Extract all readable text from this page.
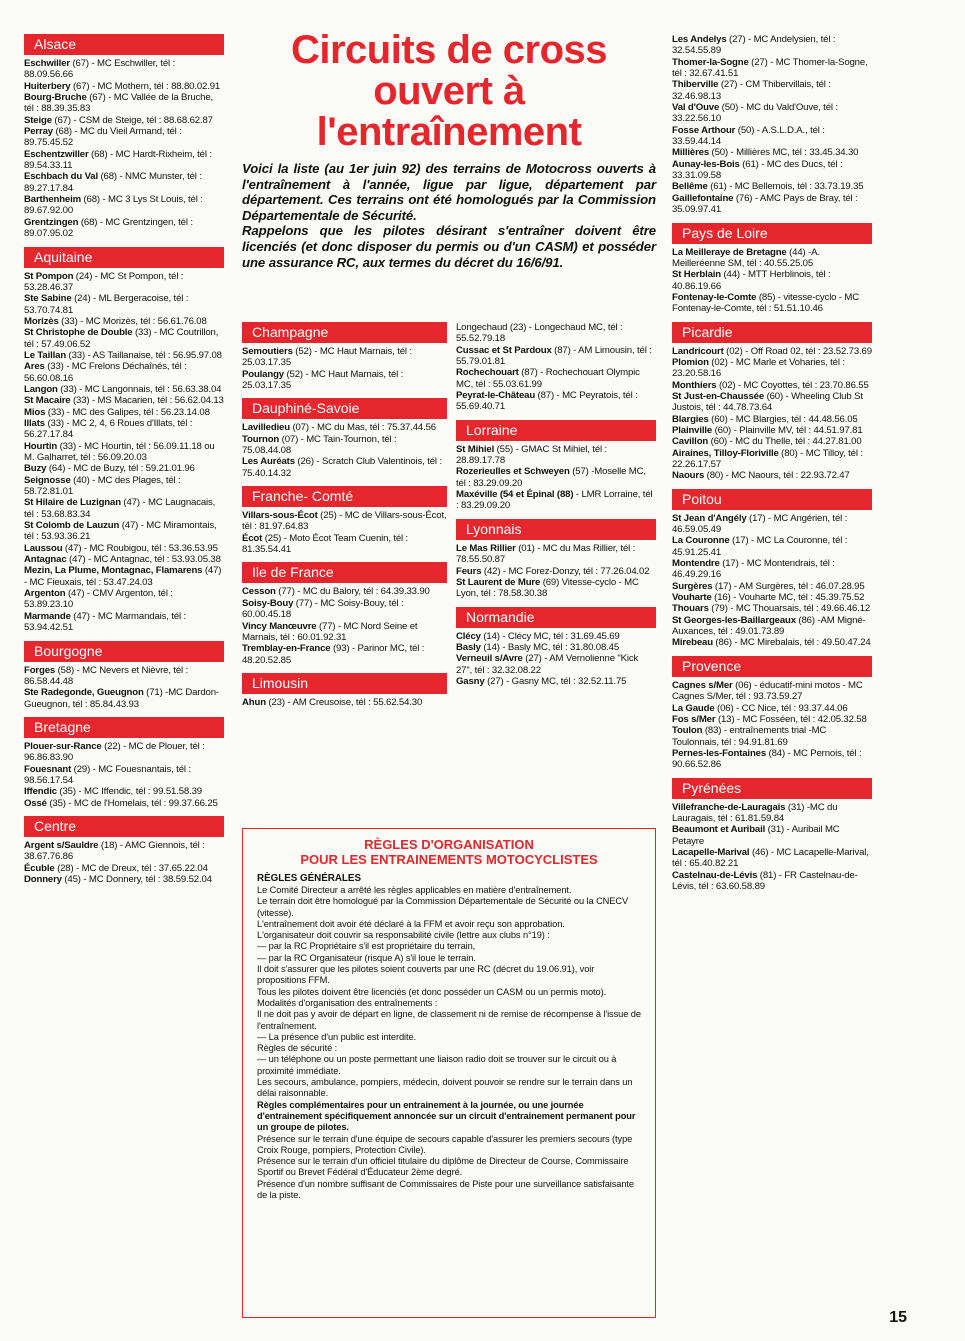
Alsace
Eschwiller (67) - MC Eschwiller, tél : 88.09.56.66
Huiterbery (67) - MC Mothern, tél : 88.80.02.91
Bourg-Bruche (67) - MC Vallée de la Bruche, tél : 88.39.35.83
Steige (67) - CSM de Steige, tél : 88.68.62.87
Perray (68) - MC du Vieil Armand, tél : 89.75.45.52
Eschentzwiller (68) - MC Hardt-Rixheim, tél : 89.54.33.11
Eschbach du Val (68) - NMC Munster, tél : 89.27.17.84
Barthenheim (68) - MC 3 Lys St Louis, tél : 89.67.92.00
Grentzingen (68) - MC Grentzingen, tél : 89.07.95.02
Aquitaine
St Pompon (24) - MC St Pompon, tél : 53.28.46.37
Ste Sabine (24) - ML Bergeracoise, tél : 53.70.74.81
Morizès (33) - MC Morizès, tél : 56.61.76.08
St Christophe de Double (33) - MC Coutrillon, tél : 57.49.06.52
Le Taillan (33) - AS Taillanaise, tél : 56.95.97.08
Ares (33) - MC Frelons Déchaînés, tél : 56.60.08.16
Langon (33) - MC Langonnais, tél : 56.63.38.04
St Macaire (33) - MS Macarien, tél : 56.62.04.13
Mios (33) - MC des Galipes, tél : 56.23.14.08
Illats (33) - MC 2, 4, 6 Roues d'Illats, tél : 56.27.17.84
Hourtin (33) - MC Hourtin, tél : 56.09.11.18 ou M. Galharret, tél : 56.09.20.03
Buzy (64) - MC de Buzy, tél : 59.21.01.96
Seignosse (40) - MC des Plages, tél : 58.72.81.01
St Hilaire de Luzignan (47) - MC Laugnacais, tél : 53.68.83.34
St Colomb de Lauzun (47) - MC Miramontais, tél : 53.93.36.21
Laussou (47) - MC Roubigou, tél : 53.36.53.95
Antagnac (47) - MC Antagnac, tél : 53.93.05.38
Mezin, La Plume, Montagnac, Flamarens (47) - MC Fieuxais, tél : 53.47.24.03
Argenton (47) - CMV Argenton, tél : 53.89.23.10
Marmande (47) - MC Marmandais, tél : 53.94.42.51
Bourgogne
Forges (58) - MC Nevers et Nièvre, tél : 86.58.44.48
Ste Radegonde, Gueugnon (71) -MC Dardon-Gueugnon, tél : 85.84.43.93
Bretagne
Plouer-sur-Rance (22) - MC de Plouer, tél : 96.86.83.90
Fouesnant (29) - MC Fouesnantais, tél : 98.56.17.54
Iffendic (35) - MC Iffendic, tél : 99.51.58.39
Ossé (35) - MC de l'Homelais, tél : 99.37.66.25
Centre
Argent s/Sauldre (18) - AMC Giennois, tél : 38.67.76.86
Écuble (28) - MC de Dreux, tél : 37.65.22.04
Donnery (45) - MC Donnery, tél : 38.59.52.04
Circuits de cross
ouvert à
l'entraînement

Voici la liste (au 1er juin 92) des terrains de Motocross ouverts à l'entraînement à l'année, ligue par ligue, département par département. Ces terrains ont été homologués par la Commission Départementale de Sécurité.

Rappelons que les pilotes désirant s'entraîner doivent être licenciés (et donc disposer du permis ou d'un CASM) et posséder une assurance RC, aux termes du décret du 16/6/91.

Champagne
Semoutiers (52) - MC Haut Marnais, tél : 25.03.17.35
Poulangy (52) - MC Haut Marnais, tél : 25.03.17.35
Dauphiné-Savoie
Lavilledieu (07) - MC du Mas, tél : 75.37.44.56
Tournon (07) - MC Tain-Tournon, tél : 75.08.44.08
Les Auréats (26) - Scratch Club Valentinois, tél : 75.40.14.32
Franche- Comté
Villars-sous-Écot (25) - MC de Villars-sous-Écot, tél : 81.97.64.83
Écot (25) - Moto Écot Team Cuenin, tél : 81.35.54.41
Ile de France
Cesson (77) - MC du Balory, tél : 64.39.33.90
Soisy-Bouy (77) - MC Soisy-Bouy, tél : 60.00.45.18
Vincy Manœuvre (77) - MC Nord Seine et Marnais, tél : 60.01.92.31
Tremblay-en-France (93) - Parinor MC, tél : 48.20.52.85
Limousin
Ahun (23) - AM Creusoise, tél : 55.62.54.30
Longechaud (23) - Longechaud MC, tél : 55.52.79.18
Cussac et St Pardoux (87) - AM Limousin, tél : 55.79.01.81
Rochechouart (87) - Rochechouart Olympic MC, tél : 55.03.61.99
Peyrat-le-Château (87) - MC Peyratois, tél : 55.69.40.71
Lorraine
St Mihiel (55) - GMAC St Mihiel, tél : 28.89.17.78
Rozerieulles et Schweyen (57) -Moselle MC, tél : 83.29.09.20
Maxéville (54 et Épinal (88) - LMR Lorraine, tél : 83.29.09.20
Lyonnais
Le Mas Rillier (01) - MC du Mas Rillier, tél : 78.55.50.87
Feurs (42) - MC Forez-Donzy, tél : 77.26.04.02
St Laurent de Mure (69) Vitesse-cyclo - MC Lyon, tél : 78.58.30.38
Normandie
Clécy (14) - Clécy MC, tél : 31.69.45.69
Basly (14) - Basly MC, tél : 31.80.08.45
Verneuil s/Avre (27) - AM Vernolienne "Kick 27", tél : 32.32.08.22
Gasny (27) - Gasny MC, tél : 32.52.11.75
Les Andelys (27) - MC Andelysien, tél : 32.54.55.89
Thomer-la-Sogne (27) - MC Thomer-la-Sogne, tél : 32.67.41.51
Thiberville (27) - CM Thibervillais, tél : 32.46.98.13
Val d'Ouve (50) - MC du Vald'Ouve, tél : 33.22.56.10
Fosse Arthour (50) - A.S.L.D.A., tél : 33.59.44.14
Millières (50) - Millières MC, tél : 33.45.34.30
Aunay-les-Bois (61) - MC des Ducs, tél : 33.31.09.58
Bellême (61) - MC Bellemois, tél : 33.73.19.35
Gaillefontaine (76) - AMC Pays de Bray, tél : 35.09.97.41
Pays de Loire
La Meilleraye de Bretagne (44) -A. Meilleréenne SM, tél : 40.55.25.05
St Herblain (44) - MTT Herblinois, tél : 40.86.19.66
Fontenay-le-Comte (85) - vitesse-cyclo - MC Fontenay-le-Comte, tél : 51.51.10.46
Picardie
Landricourt (02) - Off Road 02, tél : 23.52.73.69
Plomion (02) - MC Marle et Voharies, tél : 23.20.58.16
Monthiers (02) - MC Coyottes, tél : 23.70.86.55
St Just-en-Chaussée (60) - Wheeling Club St Justois, tél : 44.78.73.64
Blargies (60) - MC Blargies, tél : 44.48.56.05
Plainville (60) - Plainville MV, tél : 44.51.97.81
Cavillon (60) - MC du Thelle, tél : 44.27.81.00
Airaines, Tilloy-Floriville (80) - MC Tilloy, tél : 22.26.17.57
Naours (80) - MC Naours, tél : 22.93.72.47
Poitou
St Jean d'Angély (17) - MC Angérien, tél : 46.59.05.49
La Couronne (17) - MC La Couronne, tél : 45.91.25.41
Montendre (17) - MC Montendrais, tél : 46.49.29.16
Surgères (17) - AM Surgères, tél : 46.07.28.95
Vouharte (16) - Vouharte MC, tél : 45.39.75.52
Thouars (79) - MC Thouarsais, tél : 49.66.46.12
St Georges-les-Baillargeaux (86) -AM Migné-Auxances, tél : 49.01.73.89
Mirebeau (86) - MC Mirebalais, tél : 49.50.47.24
Provence
Cagnes s/Mer (06) - éducatif-mini motos - MC Cagnes S/Mer, tél : 93.73.59.27
La Gaude (06) - CC Nice, tél : 93.37.44.06
Fos s/Mer (13) - MC Fosséen, tél : 42.05.32.58
Toulon (83) - entraînements trial -MC Toulonnais, tél : 94.91.81.69
Pernes-les-Fontaines (84) - MC Pernois, tél : 90.66.52.86
Pyrénées
Villefranche-de-Lauragais (31) -MC du Lauragais, tél : 61.81.59.84
Beaumont et Auribail (31) - Auribail MC Petayre
Lacapelle-Marival (46) - MC Lacapelle-Marival, tél : 65.40.82.21
Castelnau-de-Lévis (81) - FR Castelnau-de-Lévis, tél : 63.60.58.89
RÈGLES D'ORGANISATION
POUR LES ENTRAINEMENTS MOTOCYCLISTES
RÈGLES GÉNÉRALES
Le Comité Directeur a arrêté les règles applicables en matière d'entraînement.
Le terrain doit être homologué par la Commission Départementale de Sécurité ou la CNECV (vitesse).
L'entraînement doit avoir été déclaré à la FFM et avoir reçu son approbation.
L'organisateur doit couvrir sa responsabilité civile (lettre aux clubs n°19) :
— par la RC Propriétaire s'il est propriétaire du terrain,
— par la RC Organisateur (risque A) s'il loue le terrain.
Il doit s'assurer que les pilotes soient couverts par une RC (décret du 19.06.91), voir propositions FFM.
Tous les pilotes doivent être licenciés (et donc posséder un CASM ou un permis moto).
Modalités d'organisation des entraînements :
Il ne doit pas y avoir de départ en ligne, de classement ni de remise de récompense à l'issue de l'entraînement.
— La présence d'un public est interdite.
Règles de sécurité :
— un téléphone ou un poste permettant une liaison radio doit se trouver sur le circuit ou à proximité immédiate.
Les secours, ambulance, pompiers, médecin, doivent pouvoir se rendre sur le terrain dans un délai raisonnable.
Règles complémentaires pour un entrainement à la journée, ou une journée d'entrainement spécifiquement annoncée sur un circuit d'entrainement permanent pour un groupe de pilotes.
Présence sur le terrain d'une équipe de secours capable d'assurer les premiers secours (type Croix Rouge, pompiers, Protection Civile).
Présence sur le terrain d'un officiel titulaire du diplôme de Directeur de Course, Commissaire Sportif ou Brevet Fédéral d'Éducateur 2ème degré.
Présence d'un nombre suffisant de Commissaires de Piste pour une surveillance satisfaisante de la piste.
15
